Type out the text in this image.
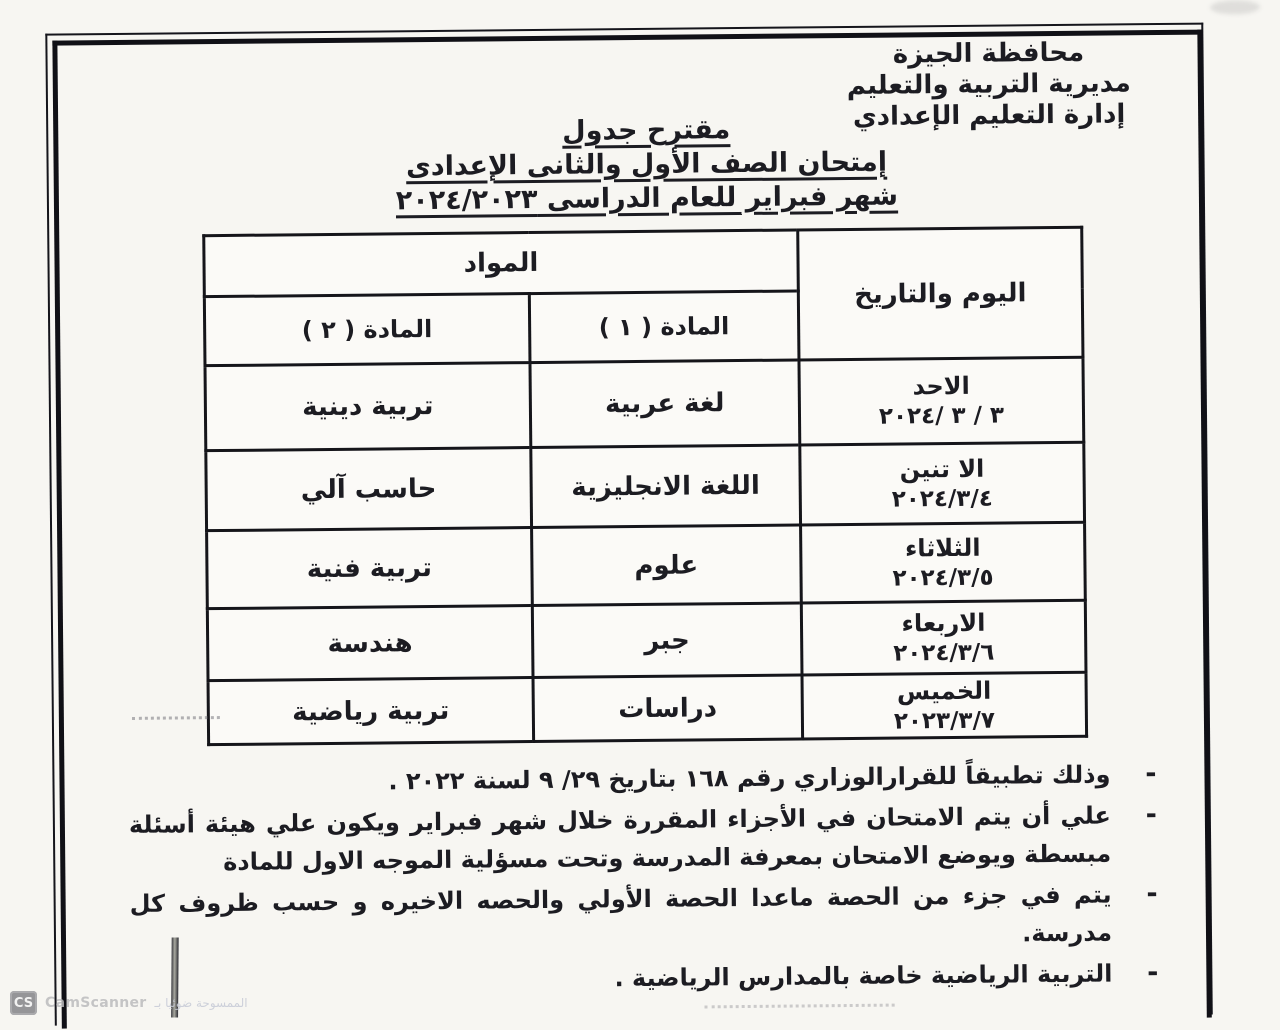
محافظة الجيزة
مديرية التربية والتعليم
إدارة التعليم الإعدادي
مقترح جدول
إمتحان الصف الأول والثانى الإعدادى
شهر فبراير للعام الدراسى ٢٠٢٤/٢٠٢٣
اليوم والتاريخ	المواد	
	المادة ( ١ )	المادة ( ٢ )

الاحد
٢٠٢٤/ ٣ / ٣	لغة عربية	تربية دينية

الا تنين
٢٠٢٤/٣/٤	اللغة الانجليزية	حاسب آلي

الثلاثاء
٢٠٢٤/٣/٥	علوم	تربية فنية

الاربعاء
٢٠٢٤/٣/٦	جبر	هندسة

الخميس
٢٠٢٣/٣/٧	دراسات	تربية رياضية
-
وذلك تطبيقاً للقرارالوزاري رقم ١٦٨ بتاريخ ٢٩/ ٩ لسنة ٢٠٢٢ .
-
علي أن يتم الامتحان في الأجزاء المقررة خلال شهر فبراير ويكون علي هيئة أسئلة مبسطة ويوضع الامتحان بمعرفة المدرسة وتحت مسؤلية الموجه الاول للمادة
-
يتم في جزء من الحصة ماعدا الحصة الأولي والحصه الاخيره و حسب ظروف كل مدرسة.
-
التربية الرياضية خاصة بالمدارس الرياضية .
CS CamScanner الممسوحة ضوئيا بـ
